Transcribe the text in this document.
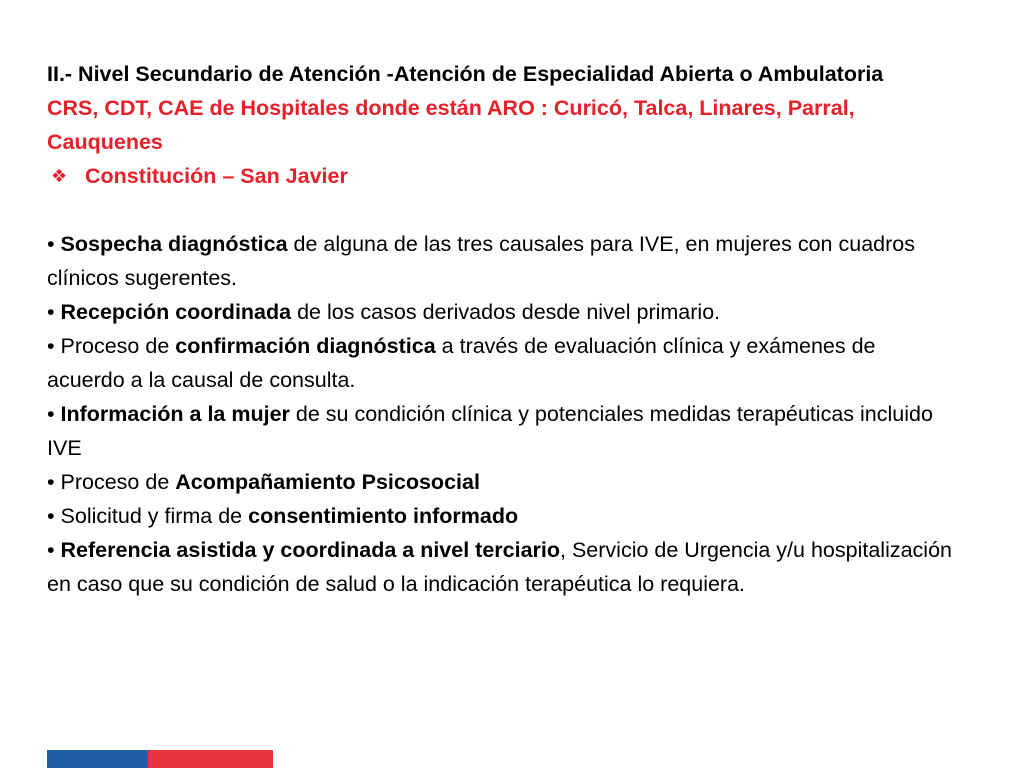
II.- Nivel Secundario de Atención -Atención de Especialidad Abierta o Ambulatoria

CRS, CDT, CAE de Hospitales donde están ARO : Curicó, Talca, Linares, Parral, Cauquenes

❖ Constitución – San Javier

• Sospecha diagnóstica de alguna de las tres causales para IVE, en mujeres con cuadros clínicos sugerentes.

• Recepción coordinada de los casos derivados desde nivel primario.

• Proceso de confirmación diagnóstica a través de evaluación clínica y exámenes de acuerdo a la causal de consulta.

• Información a la mujer de su condición clínica y potenciales medidas terapéuticas incluido IVE

• Proceso de Acompañamiento Psicosocial

• Solicitud y firma de consentimiento informado

• Referencia asistida y coordinada a nivel terciario, Servicio de Urgencia y/u hospitalización en caso que su condición de salud o la indicación terapéutica lo requiera.
